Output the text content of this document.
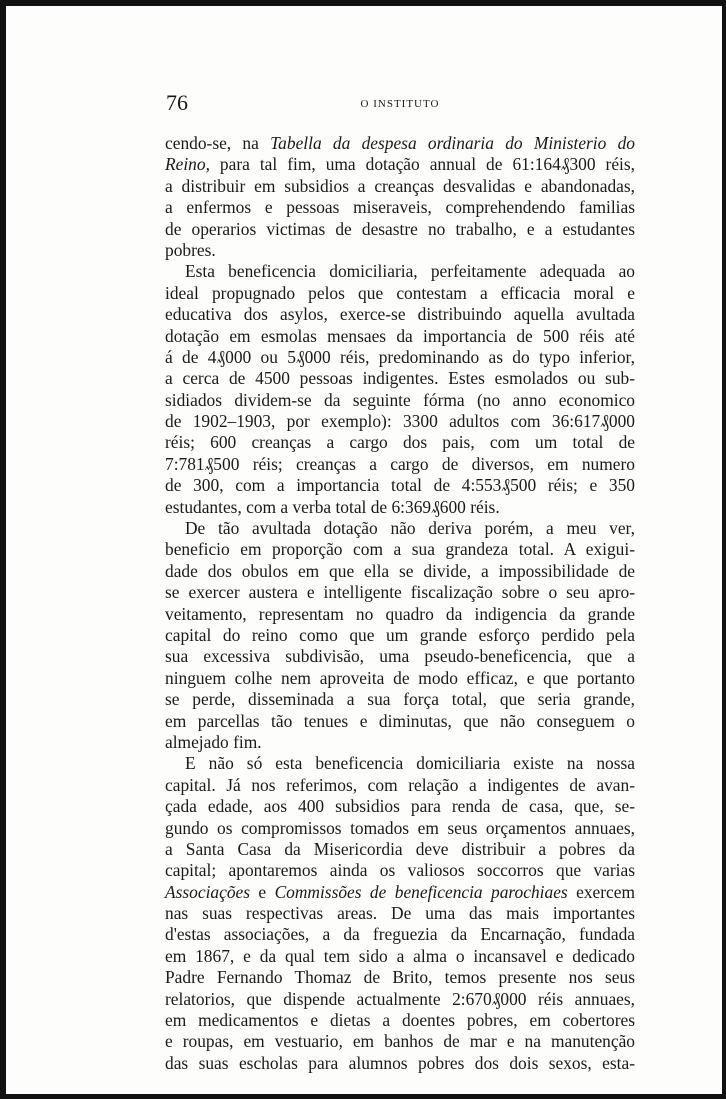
76	O INSTITUTO
cendo-se, na Tabella da despesa ordinaria do Ministerio do
Reino, para tal fim, uma dotação annual de 61:164₰300 réis,
a distribuir em subsidios a creanças desvalidas e abandonadas,
a enfermos e pessoas miseraveis, comprehendendo familias
de operarios victimas de desastre no trabalho, e a estudantes
pobres.
Esta beneficencia domiciliaria, perfeitamente adequada ao
ideal propugnado pelos que contestam a efficacia moral e
educativa dos asylos, exerce-se distribuindo aquella avultada
dotação em esmolas mensaes da importancia de 500 réis até
á de 4₰000 ou 5₰000 réis, predominando as do typo inferior,
a cerca de 4500 pessoas indigentes. Estes esmolados ou sub-
sidiados dividem-se da seguinte fórma (no anno economico
de 1902–1903, por exemplo): 3300 adultos com 36:617₰000
réis; 600 creanças a cargo dos pais, com um total de
7:781₰500 réis; creanças a cargo de diversos, em numero
de 300, com a importancia total de 4:553₰500 réis; e 350
estudantes, com a verba total de 6:369₰600 réis.
De tão avultada dotação não deriva porém, a meu ver,
beneficio em proporção com a sua grandeza total. A exigui-
dade dos obulos em que ella se divide, a impossibilidade de
se exercer austera e intelligente fiscalização sobre o seu apro-
veitamento, representam no quadro da indigencia da grande
capital do reino como que um grande esforço perdido pela
sua excessiva subdivisão, uma pseudo-beneficencia, que a
ninguem colhe nem aproveita de modo efficaz, e que portanto
se perde, disseminada a sua força total, que seria grande,
em parcellas tão tenues e diminutas, que não conseguem o
almejado fim.
E não só esta beneficencia domiciliaria existe na nossa
capital. Já nos referimos, com relação a indigentes de avan-
çada edade, aos 400 subsidios para renda de casa, que, se-
gundo os compromissos tomados em seus orçamentos annuaes,
a Santa Casa da Misericordia deve distribuir a pobres da
capital; apontaremos ainda os valiosos soccorros que varias
Associações e Commissões de beneficencia parochiaes exercem
nas suas respectivas areas. De uma das mais importantes
d'estas associações, a da freguezia da Encarnação, fundada
em 1867, e da qual tem sido a alma o incansavel e dedicado
Padre Fernando Thomaz de Brito, temos presente nos seus
relatorios, que dispende actualmente 2:670₰000 réis annuaes,
em medicamentos e dietas a doentes pobres, em cobertores
e roupas, em vestuario, em banhos de mar e na manutenção
das suas escholas para alumnos pobres dos dois sexos, esta-
